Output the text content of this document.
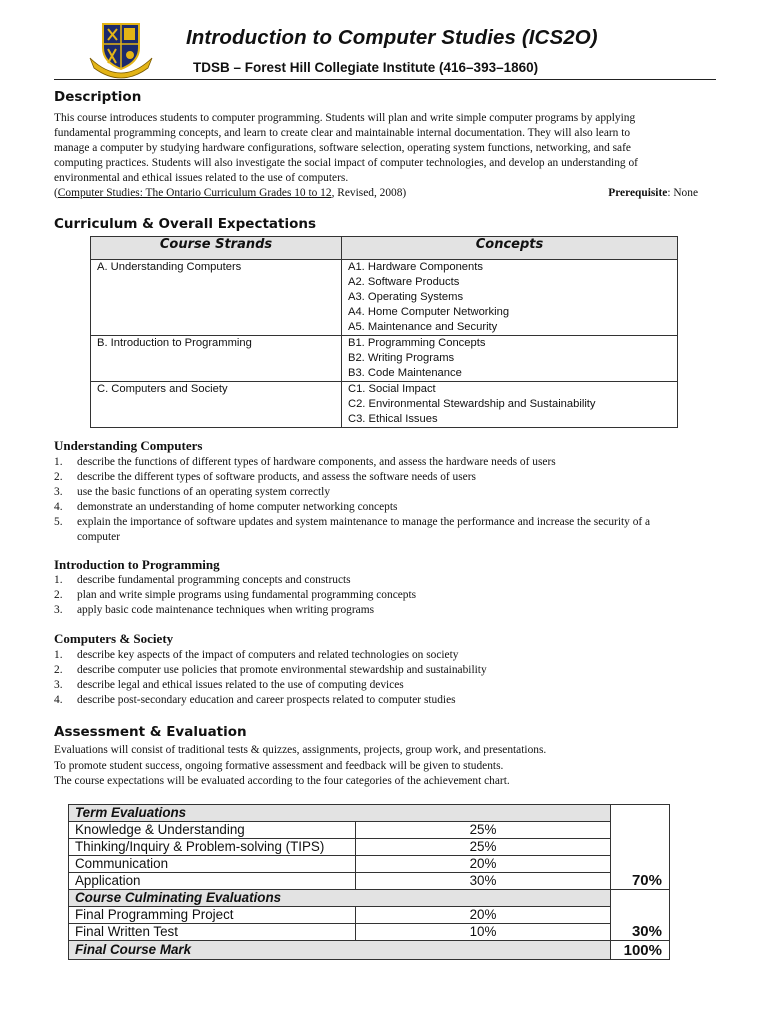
Introduction to Computer Studies (ICS2O)

TDSB – Forest Hill Collegiate Institute (416–393–1860)

Description

This course introduces students to computer programming. Students will plan and write simple computer programs by applying

fundamental programming concepts, and learn to create clear and maintainable internal documentation. They will also learn to

manage a computer by studying hardware configurations, software selection, operating system functions, networking, and safe

computing practices. Students will also investigate the social impact of computer technologies, and develop an understanding of

environmental and ethical issues related to the use of computers.

(Computer Studies: The Ontario Curriculum Grades 10 to 12, Revised, 2008)	Prerequisite: None
Curriculum & Overall Expectations
Course Strands	Concepts
A. Understanding Computers	A1. Hardware Components
A2. Software Products
A3. Operating Systems
A4. Home Computer Networking
A5. Maintenance and Security

B. Introduction to Programming	B1. Programming Concepts
B2. Writing Programs
B3. Code Maintenance

C. Computers and Society	C1. Social Impact
C2. Environmental Stewardship and Sustainability
C3. Ethical Issues
Understanding Computers
1. describe the functions of different types of hardware components, and assess the hardware needs of users
2. describe the different types of software products, and assess the software needs of users
3. use the basic functions of an operating system correctly
4. demonstrate an understanding of home computer networking concepts
5. explain the importance of software updates and system maintenance to manage the performance and increase the security of a
computer
Introduction to Programming
1. describe fundamental programming concepts and constructs
2. plan and write simple programs using fundamental programming concepts
3. apply basic code maintenance techniques when writing programs
Computers & Society
1. describe key aspects of the impact of computers and related technologies on society
2. describe computer use policies that promote environmental stewardship and sustainability
3. describe legal and ethical issues related to the use of computing devices
4. describe post-secondary education and career prospects related to computer studies
Assessment & Evaluation

Evaluations will consist of traditional tests & quizzes, assignments, projects, group work, and presentations.

To promote student success, ongoing formative assessment and feedback will be given to students.

The course expectations will be evaluated according to the four categories of the achievement chart.

Term Evaluations		
Knowledge & Understanding	25%	
Thinking/Inquiry & Problem-solving (TIPS)	25%	
Communication	20%	
Application	30%	70%
Course Culminating Evaluations		
Final Programming Project	20%	
Final Written Test	10%	30%
Final Course Mark		100%
